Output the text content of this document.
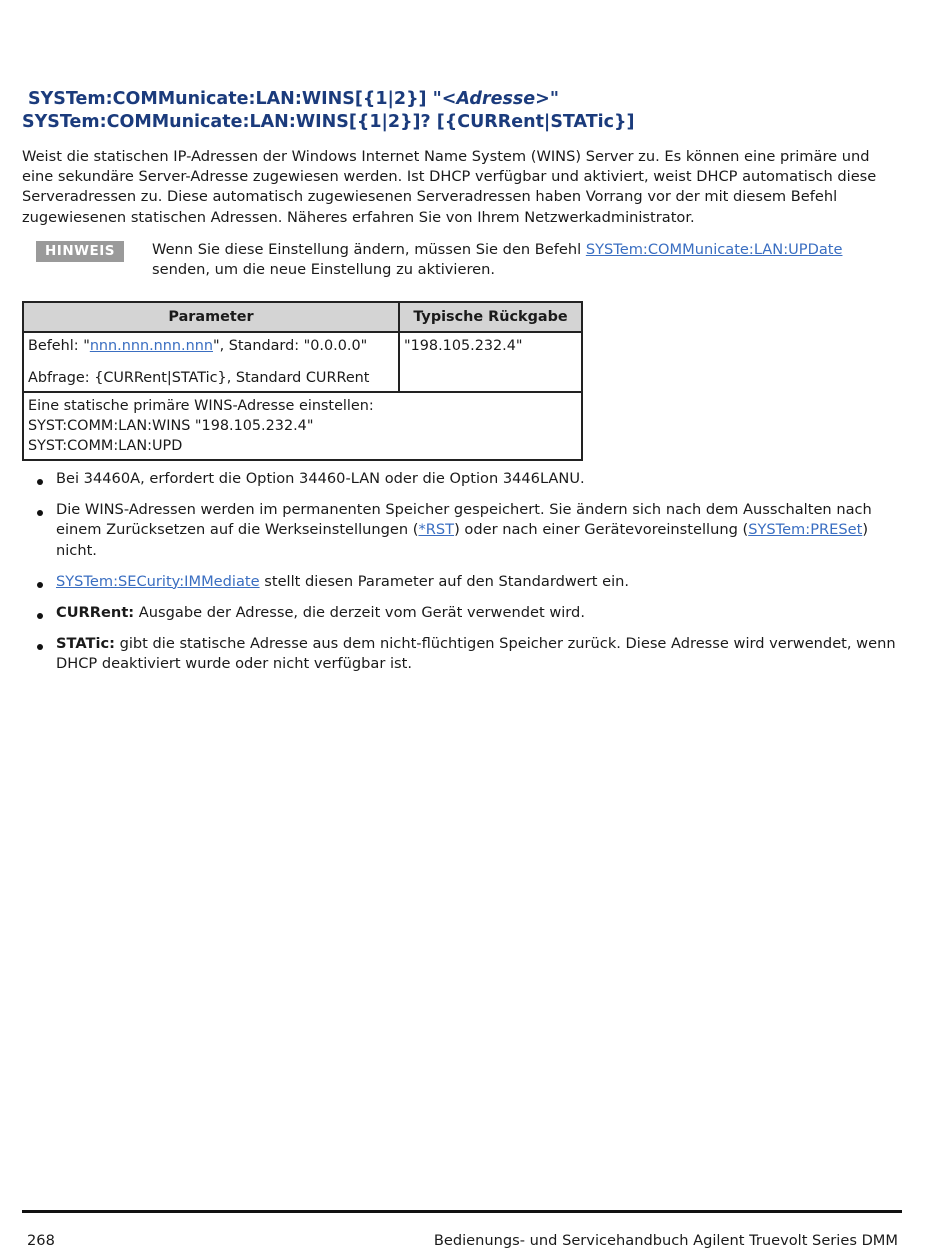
SYSTem:COMMunicate:LAN:WINS[{1|2}] "<Adresse>"
SYSTem:COMMunicate:LAN:WINS[{1|2}]? [{CURRent|STATic}]

Weist die statischen IP-Adressen der Windows Internet Name System (WINS) Server zu. Es können eine primäre und eine sekundäre Server-Adresse zugewiesen werden. Ist DHCP verfügbar und aktiviert, weist DHCP automatisch diese Serveradressen zu. Diese automatisch zugewiesenen Serveradressen haben Vorrang vor der mit diesem Befehl zugewiesenen statischen Adressen. Näheres erfahren Sie von Ihrem Netzwerkadministrator.

HINWEIS	Wenn Sie diese Einstellung ändern, müssen Sie den Befehl SYSTem:COMMunicate:LAN:UPDate senden, um die neue Einstellung zu aktivieren.
Parameter	Typische Rückgabe

Befehl: "nnn.nnn.nnn.nnn", Standard: "0.0.0.0"
Abfrage: {CURRent|STATic}, Standard CURRent	"198.105.232.4"

Eine statische primäre WINS-Adresse einstellen:
SYST:COMM:LAN:WINS "198.105.232.4"
SYST:COMM:LAN:UPD	
Bei 34460A, erfordert die Option 34460-LAN oder die Option 3446LANU.
Die WINS-Adressen werden im permanenten Speicher gespeichert. Sie ändern sich nach dem Ausschalten nach einem Zurücksetzen auf die Werkseinstellungen (*RST) oder nach einer Gerätevoreinstellung (SYSTem:PRESet) nicht.
SYSTem:SECurity:IMMediate stellt diesen Parameter auf den Standardwert ein.
CURRent: Ausgabe der Adresse, die derzeit vom Gerät verwendet wird.
STATic: gibt die statische Adresse aus dem nicht-flüchtigen Speicher zurück. Diese Adresse wird verwendet, wenn DHCP deaktiviert wurde oder nicht verfügbar ist.
268	Bedienungs- und Servicehandbuch Agilent Truevolt Series DMM
